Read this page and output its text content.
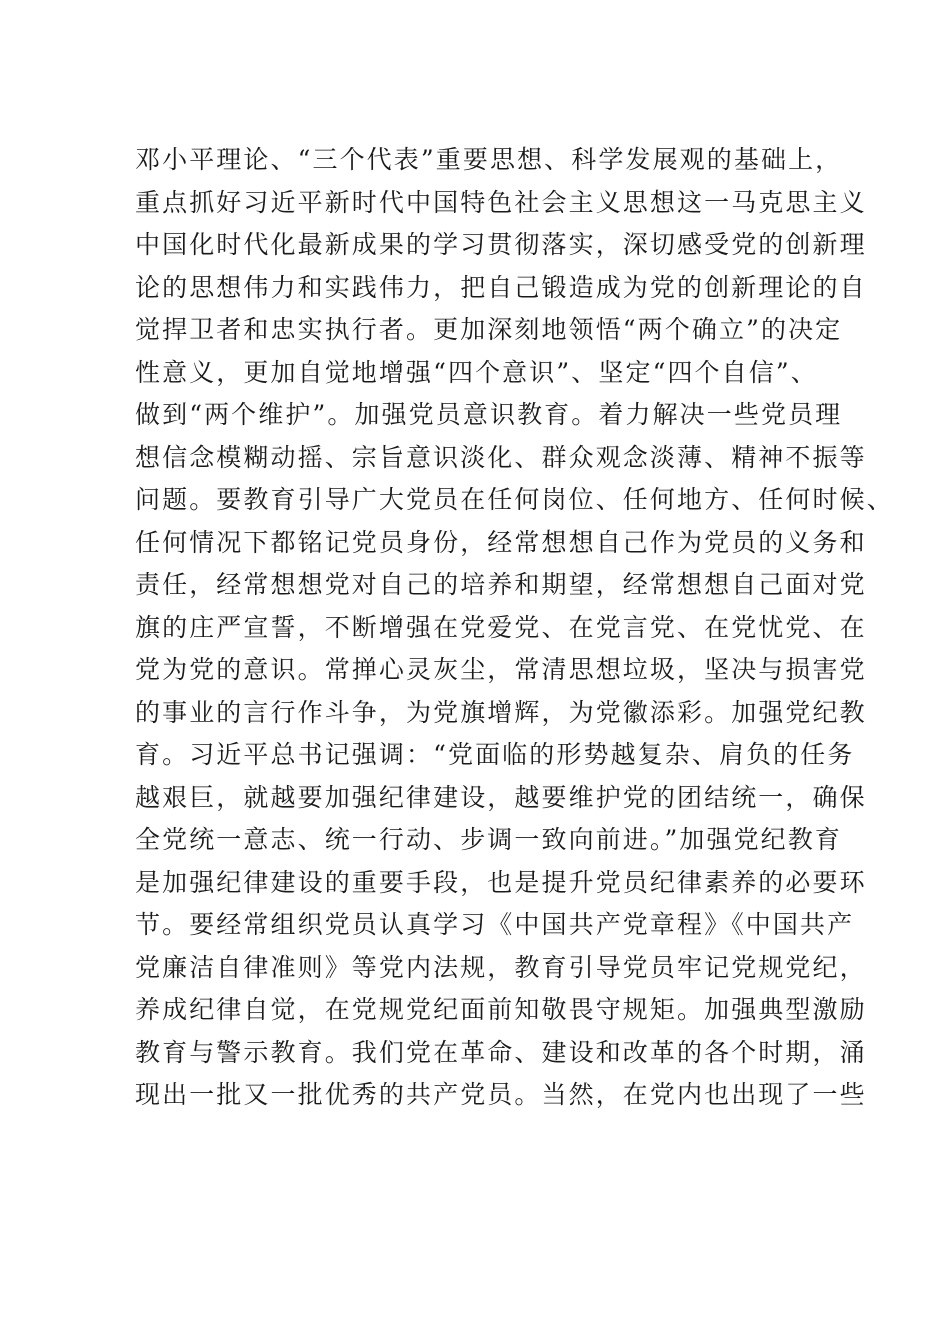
邓小平理论、“三个代表”重要思想、科学发展观的基础上，
重点抓好习近平新时代中国特色社会主义思想这一马克思主义
中国化时代化最新成果的学习贯彻落实，深切感受党的创新理
论的思想伟力和实践伟力，把自己锻造成为党的创新理论的自
觉捍卫者和忠实执行者。更加深刻地领悟“两个确立”的决定
性意义，更加自觉地增强“四个意识”、坚定“四个自信”、
做到“两个维护”。加强党员意识教育。着力解决一些党员理
想信念模糊动摇、宗旨意识淡化、群众观念淡薄、精神不振等
问题。要教育引导广大党员在任何岗位、任何地方、任何时候、
任何情况下都铭记党员身份，经常想想自己作为党员的义务和
责任，经常想想党对自己的培养和期望，经常想想自己面对党
旗的庄严宣誓，不断增强在党爱党、在党言党、在党忧党、在
党为党的意识。常掸心灵灰尘，常清思想垃圾，坚决与损害党
的事业的言行作斗争，为党旗增辉，为党徽添彩。加强党纪教
育。习近平总书记强调：“党面临的形势越复杂、肩负的任务
越艰巨，就越要加强纪律建设，越要维护党的团结统一，确保
全党统一意志、统一行动、步调一致向前进。”加强党纪教育
是加强纪律建设的重要手段，也是提升党员纪律素养的必要环
节。要经常组织党员认真学习《中国共产党章程》《中国共产
党廉洁自律准则》等党内法规，教育引导党员牢记党规党纪，
养成纪律自觉，在党规党纪面前知敬畏守规矩。加强典型激励
教育与警示教育。我们党在革命、建设和改革的各个时期，涌
现出一批又一批优秀的共产党员。当然，在党内也出现了一些
